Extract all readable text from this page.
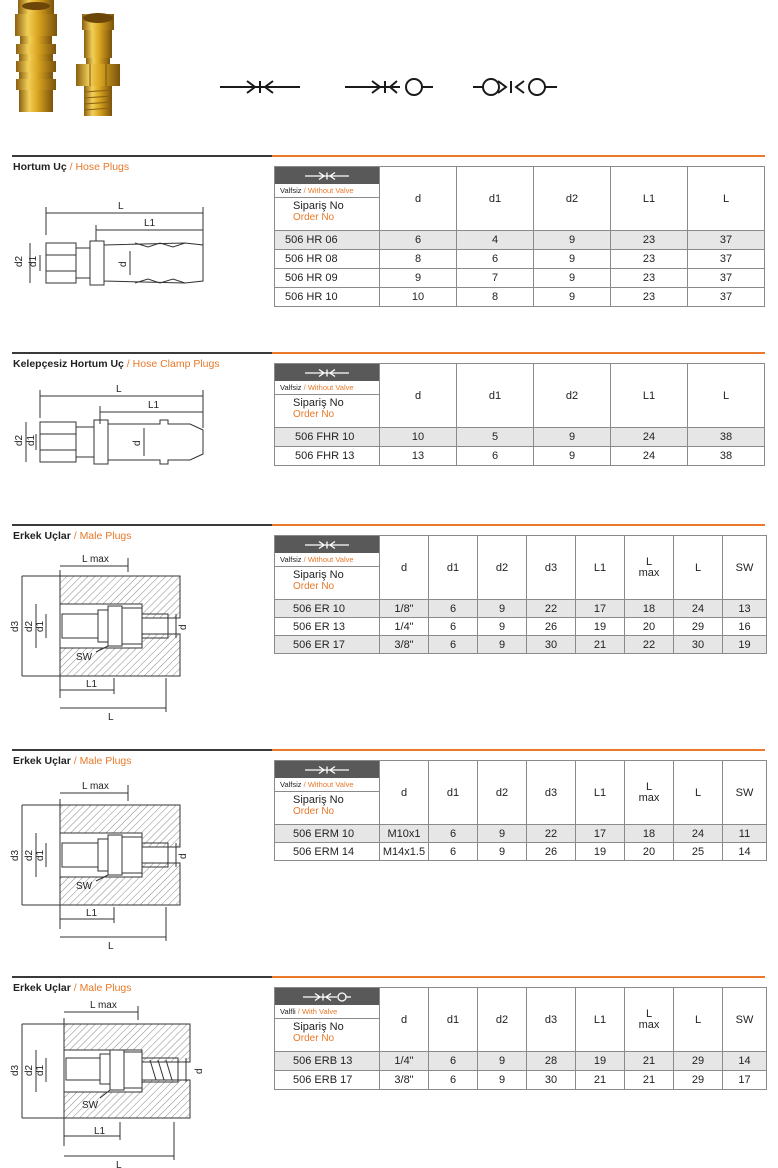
Hortum Uç / Hose Plugs
L
L1
d2 d1	d
Valfsiz / Without Valve
Sipariş No
Order No	d	d1	d2	L1	L
506 HR 06	6	4	9	23	37
506 HR 08	8	6	9	23	37
506 HR 09	9	7	9	23	37
506 HR 10	10	8	9	23	37
Kelepçesiz Hortum Uç / Hose Clamp Plugs
L
L1
d2 d1	d
Valfsiz / Without Valve
Sipariş No
Order No	d	d1	d2	L1	L
506 FHR 10	10	5	9	24	38
506 FHR 13	13	6	9	24	38
Erkek Uçlar / Male Plugs
L max
d3 d2 d1	d
SW
L1
L
Valfsiz / Without Valve
Sipariş No
Order No	d	d1	d2	d3	L1	L max	L	SW
506 ER 10	1/8"	6	9	22	17	18	24	13
506 ER 13	1/4"	6	9	26	19	20	29	16
506 ER 17	3/8"	6	9	30	21	22	30	19
Erkek Uçlar / Male Plugs
L max
d3 d2 d1	d
SW
L1
L
Valfsiz / Without Valve
Sipariş No
Order No	d	d1	d2	d3	L1	L max	L	SW
506 ERM 10	M10x1	6	9	22	17	18	24	11
506 ERM 14	M14x1.5	6	9	26	19	20	25	14
Erkek Uçlar / Male Plugs
L max
d3 d2 d1	d
SW
L1
L
Valfli / With Valve
Sipariş No
Order No	d	d1	d2	d3	L1	L max	L	SW
506 ERB 13	1/4"	6	9	28	19	21	29	14
506 ERB 17	3/8"	6	9	30	21	21	29	17
